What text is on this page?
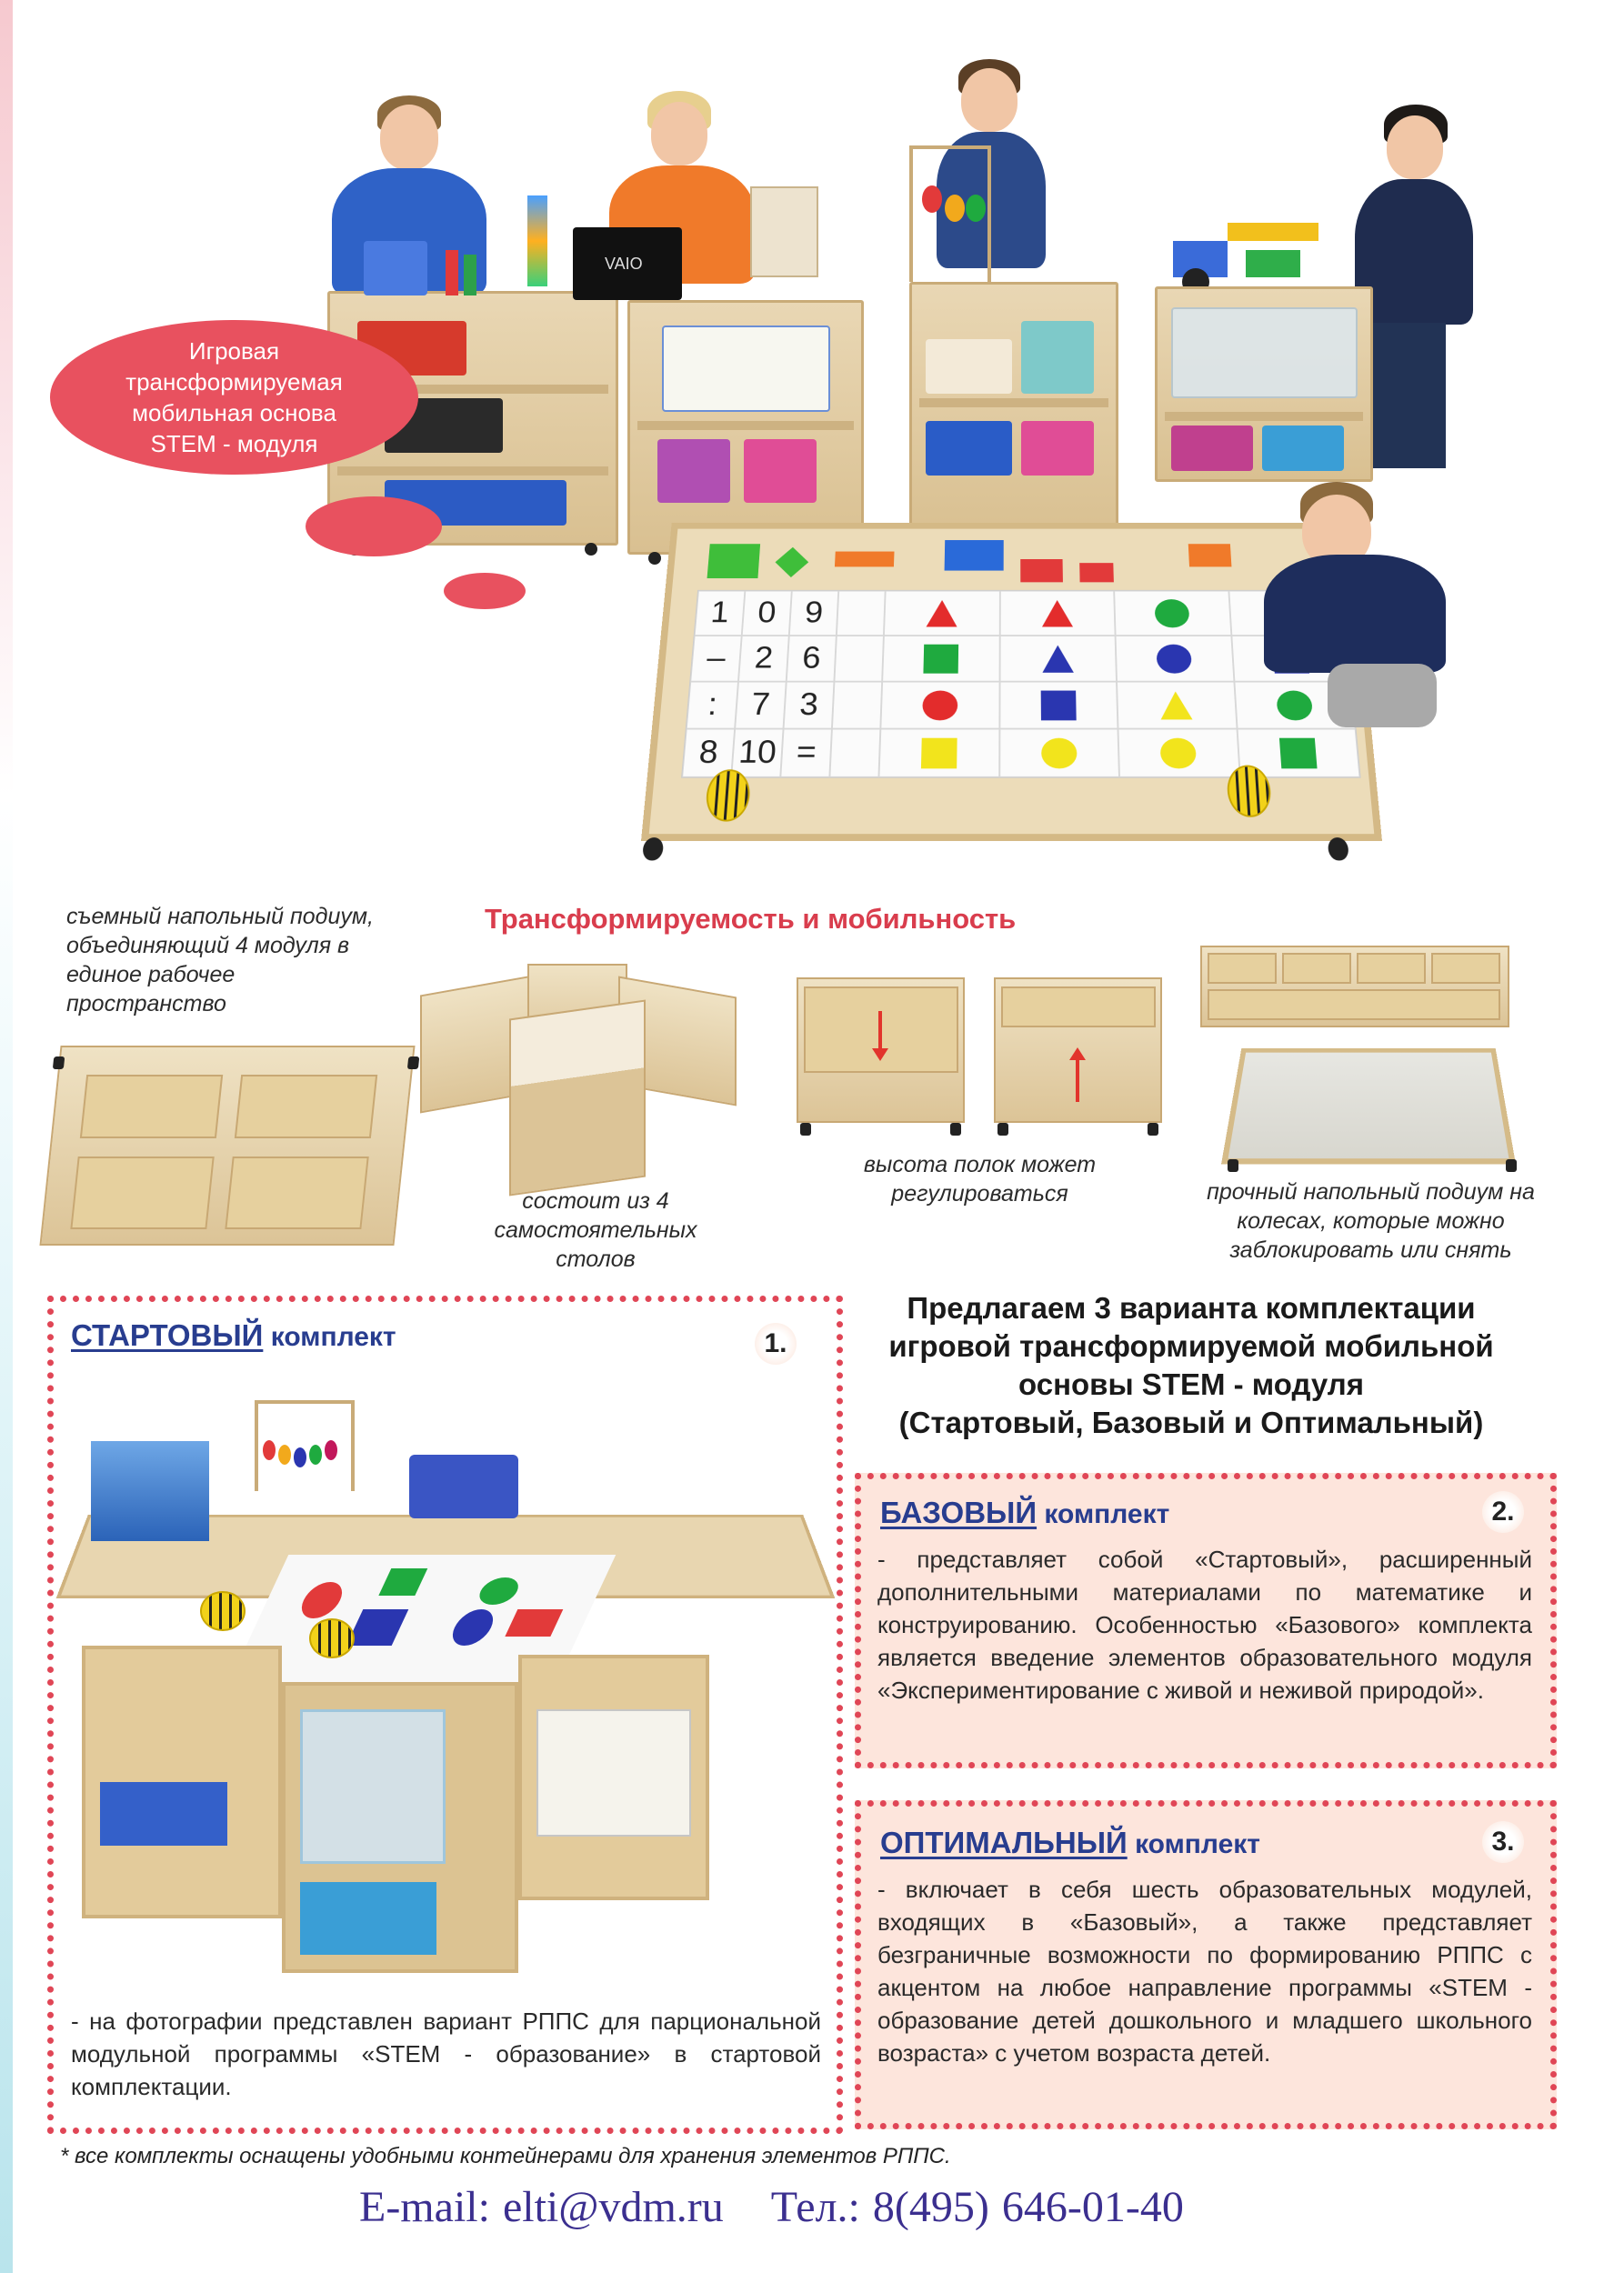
VAIO
1 0 9
– 2 6
: 7 3
8 10 =
Игровая
трансформируемая
мобильная основа
STEM - модуля
Трансформируемость и мобильность
съемный напольный подиум, объединяющий 4 модуля в единое рабочее пространство
состоит из 4 самостоятельных столов
высота полок может регулироваться	прочный напольный подиум на колесах, которые можно заблокировать или снять
СТАРТОВЫЙ комплект	1.
- на фотографии представлен вариант РППС для парциональной модульной программы «STEM - образование» в стартовой комплектации.
Предлагаем 3 варианта комплектации
игровой трансформируемой мобильной
основы STEM - модуля
(Стартовый, Базовый и Оптимальный)
БАЗОВЫЙ комплект	2.
- представляет собой «Стартовый», расширенный дополнительными материалами по математике и конструированию. Особенностью «Базового» комплекта является введение элементов образовательного модуля «Экспериментирование с живой и неживой природой».
ОПТИМАЛЬНЫЙ комплект	3.
- включает в себя шесть образовательных модулей, входящих в «Базовый», а также представляет безграничные возможности по формированию РППС с акцентом на любое направление программы «STEM - образование детей дошкольного и младшего школьного возраста» с учетом возраста детей.
* все комплекты оснащены удобными контейнерами для хранения элементов РППС.
E-mail: elti@vdm.ru Тел.: 8(495) 646-01-40
